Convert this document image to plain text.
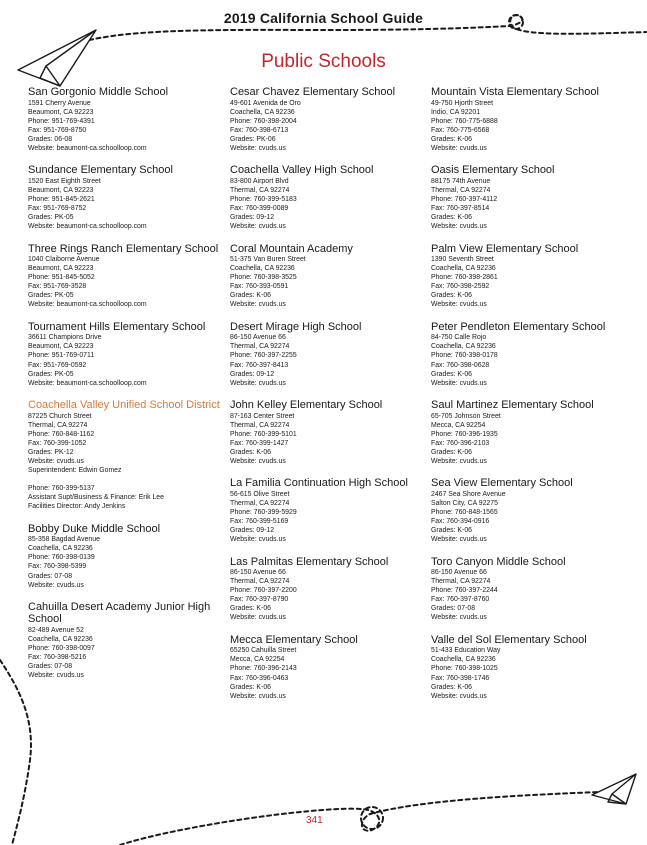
2019 California School Guide
Public Schools
San Gorgonio Middle School
1591 Cherry Avenue
Beaumont, CA 92223
Phone: 951-769-4391
Fax: 951-769-8750
Grades: 06-08
Website: beaumont-ca.schoolloop.com
Sundance Elementary School
1520 East Eighth Street
Beaumont, CA 92223
Phone: 951-845-2621
Fax: 951-769-8752
Grades: PK-05
Website: beaumont-ca.schoolloop.com
Three Rings Ranch Elementary School
1040 Claiborne Avenue
Beaumont, CA 92223
Phone: 951-845-5052
Fax: 951-769-3528
Grades: PK-05
Website: beaumont-ca.schoolloop.com
Tournament Hills Elementary School
36611 Champions Drive
Beaumont, CA 92223
Phone: 951-769-0711
Fax: 951-769-0592
Grades: PK-05
Website: beaumont-ca.schoolloop.com
Coachella Valley Unified School District
87225 Church Street
Thermal, CA 92274
Phone: 760-848-1162
Fax: 760-399-1052
Grades: PK-12
Website: cvuds.us
Superintendent: Edwin Gomez
Phone: 760-399-5137
Assistant Supt/Business & Finance: Erik Lee
Facilities Director: Andy Jenkins
Bobby Duke Middle School
85-358 Bagdad Avenue
Coachella, CA 92236
Phone: 760-398-0139
Fax: 760-398-5399
Grades: 07-08
Website: cvuds.us
Cahuilla Desert Academy Junior High School
82-489 Avenue 52
Coachella, CA 92236
Phone: 760-398-0097
Fax: 760-398-5216
Grades: 07-08
Website: cvuds.us
Cesar Chavez Elementary School
49-601 Avenida de Oro
Coachella, CA 92236
Phone: 760-398-2004
Fax: 760-398-6713
Grades: PK-06
Website: cvuds.us
Coachella Valley High School
83-800 Airport Blvd
Thermal, CA 92274
Phone: 760-399-5183
Fax: 760-399-0089
Grades: 09-12
Website: cvuds.us
Coral Mountain Academy
51-375 Van Buren Street
Coachella, CA 92236
Phone: 760-398-3525
Fax: 760-393-0591
Grades: K-06
Website: cvuds.us
Desert Mirage High School
86-150 Avenue 66
Thermal, CA 92274
Phone: 760-397-2255
Fax: 760-397-8413
Grades: 09-12
Website: cvuds.us
John Kelley Elementary School
87-163 Center Street
Thermal, CA 92274
Phone: 760-399-5101
Fax: 760-399-1427
Grades: K-06
Website: cvuds.us
La Familia Continuation High School
56-615 Olive Street
Thermal, CA 92274
Phone: 760-399-5929
Fax: 760-399-5169
Grades: 09-12
Website: cvuds.us
Las Palmitas Elementary School
86-150 Avenue 66
Thermal, CA 92274
Phone: 760-397-2200
Fax: 760-397-8790
Grades: K-06
Website: cvuds.us
Mecca Elementary School
65250 Cahuilla Street
Mecca, CA 92254
Phone: 760-396-2143
Fax: 760-396-0463
Grades: K-06
Website: cvuds.us
Mountain Vista Elementary School
49-750 Hjorth Street
Indio, CA 92201
Phone: 760-775-6888
Fax: 760-775-6568
Grades: K-06
Website: cvuds.us
Oasis Elementary School
88175 74th Avenue
Thermal, CA 92274
Phone: 760-397-4112
Fax: 760-397-8514
Grades: K-06
Website: cvuds.us
Palm View Elementary School
1390 Seventh Street
Coachella, CA 92236
Phone: 760-398-2861
Fax: 760-398-2592
Grades: K-06
Website: cvuds.us
Peter Pendleton Elementary School
84-750 Calle Rojo
Coachella, CA 92236
Phone: 760-398-0178
Fax: 760-398-0628
Grades: K-06
Website: cvuds.us
Saul Martinez Elementary School
65-705 Johnson Street
Mecca, CA 92254
Phone: 760-396-1935
Fax: 760-396-2103
Grades: K-06
Website: cvuds.us
Sea View Elementary School
2467 Sea Shore Avenue
Salton City, CA 92275
Phone: 760-848-1565
Fax: 760-394-0916
Grades: K-06
Website: cvuds.us
Toro Canyon Middle School
86-150 Avenue 66
Thermal, CA 92274
Phone: 760-397-2244
Fax: 760-397-8760
Grades: 07-08
Website: cvuds.us
Valle del Sol Elementary School
51-433 Education Way
Coachella, CA 92236
Phone: 760-398-1025
Fax: 760-398-1746
Grades: K-06
Website: cvuds.us
341
